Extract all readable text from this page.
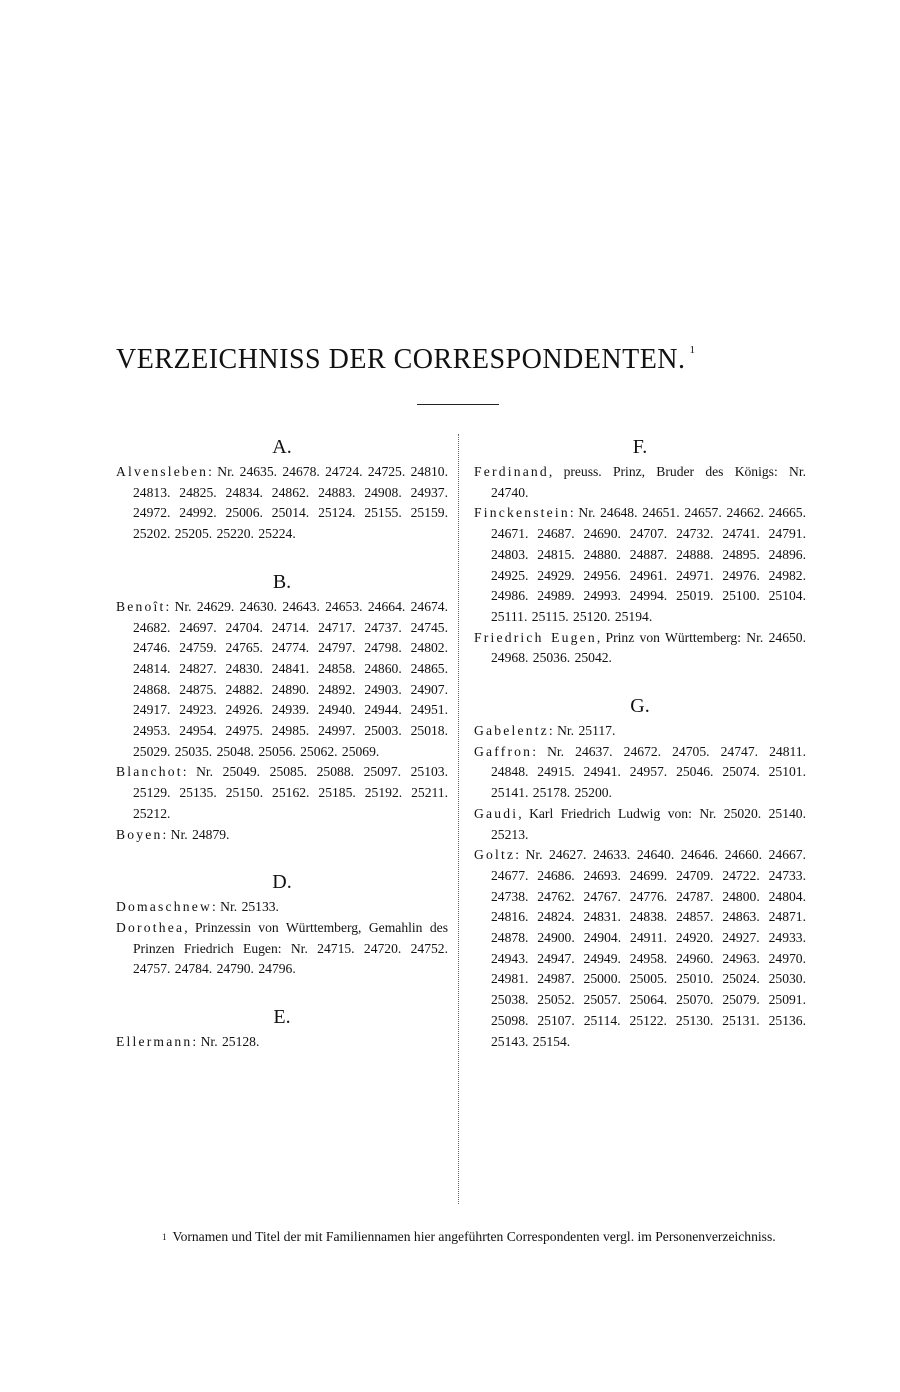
VERZEICHNISS DER CORRESPONDENTEN. $^1$
A.
Alvensleben: Nr. 24635. 24678. 24724. 24725. 24810. 24813. 24825. 24834. 24862. 24883. 24908. 24937. 24972. 24992. 25006. 25014. 25124. 25155. 25159. 25202. 25205. 25220. 25224.
B.
Benoît: Nr. 24629. 24630. 24643. 24653. 24664. 24674. 24682. 24697. 24704. 24714. 24717. 24737. 24745. 24746. 24759. 24765. 24774. 24797. 24798. 24802. 24814. 24827. 24830. 24841. 24858. 24860. 24865. 24868. 24875. 24882. 24890. 24892. 24903. 24907. 24917. 24923. 24926. 24939. 24940. 24944. 24951. 24953. 24954. 24975. 24985. 24997. 25003. 25018. 25029. 25035. 25048. 25056. 25062. 25069.
Blanchot: Nr. 25049. 25085. 25088. 25097. 25103. 25129. 25135. 25150. 25162. 25185. 25192. 25211. 25212.
Boyen: Nr. 24879.
D.
Domaschnew: Nr. 25133.
Dorothea, Prinzessin von Württemberg, Gemahlin des Prinzen Friedrich Eugen: Nr. 24715. 24720. 24752. 24757. 24784. 24790. 24796.
E.
Ellermann: Nr. 25128.
F.
Ferdinand, preuss. Prinz, Bruder des Königs: Nr. 24740.
Finckenstein: Nr. 24648. 24651. 24657. 24662. 24665. 24671. 24687. 24690. 24707. 24732. 24741. 24791. 24803. 24815. 24880. 24887. 24888. 24895. 24896. 24925. 24929. 24956. 24961. 24971. 24976. 24982. 24986. 24989. 24993. 24994. 25019. 25100. 25104. 25111. 25115. 25120. 25194.
Friedrich Eugen, Prinz von Württemberg: Nr. 24650. 24968. 25036. 25042.
G.
Gabelentz: Nr. 25117.
Gaffron: Nr. 24637. 24672. 24705. 24747. 24811. 24848. 24915. 24941. 24957. 25046. 25074. 25101. 25141. 25178. 25200.
Gaudi, Karl Friedrich Ludwig von: Nr. 25020. 25140. 25213.
Goltz: Nr. 24627. 24633. 24640. 24646. 24660. 24667. 24677. 24686. 24693. 24699. 24709. 24722. 24733. 24738. 24762. 24767. 24776. 24787. 24800. 24804. 24816. 24824. 24831. 24838. 24857. 24863. 24871. 24878. 24900. 24904. 24911. 24920. 24927. 24933. 24943. 24947. 24949. 24958. 24960. 24963. 24970. 24981. 24987. 25000. 25005. 25010. 25024. 25030. 25038. 25052. 25057. 25064. 25070. 25079. 25091. 25098. 25107. 25114. 25122. 25130. 25131. 25136. 25143. 25154.
$^1$ Vornamen und Titel der mit Familiennamen hier angeführten Correspondenten vergl. im Personenverzeichniss.
